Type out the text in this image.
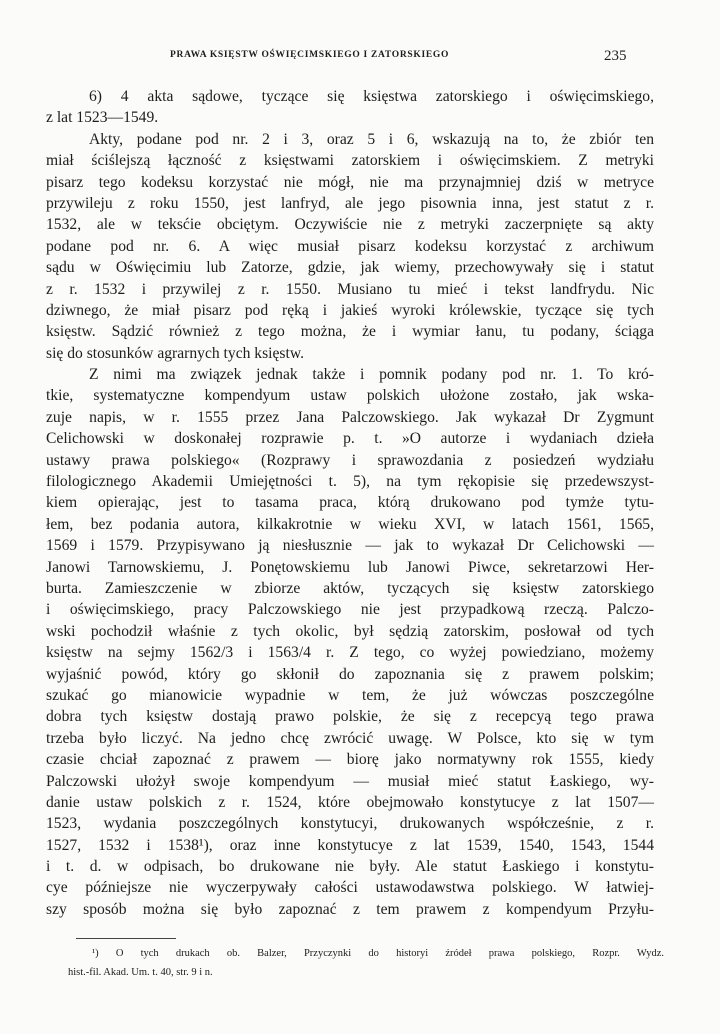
PRAWA KSIĘSTW OŚWIĘCIMSKIEGO I ZATORSKIEGO	235
6) 4 akta sądowe, tyczące się księstwa zatorskiego i oświęcimskiego,
z lat 1523—1549.
Akty, podane pod nr. 2 i 3, oraz 5 i 6, wskazują na to, że zbiór ten
miał ściślejszą łączność z księstwami zatorskiem i oświęcimskiem. Z metryki
pisarz tego kodeksu korzystać nie mógł, nie ma przynajmniej dziś w metryce
przywileju z roku 1550, jest lanfryd, ale jego pisownia inna, jest statut z r.
1532, ale w teksćie obciętym. Oczywiście nie z metryki zaczerpnięte są akty
podane pod nr. 6. A więc musiał pisarz kodeksu korzystać z archiwum
sądu w Oświęcimiu lub Zatorze, gdzie, jak wiemy, przechowywały się i statut
z r. 1532 i przywilej z r. 1550. Musiano tu mieć i tekst landfrydu. Nic
dziwnego, że miał pisarz pod ręką i jakieś wyroki królewskie, tyczące się tych
księstw. Sądzić również z tego można, że i wymiar łanu, tu podany, ściąga
się do stosunków agrarnych tych księstw.
Z nimi ma związek jednak także i pomnik podany pod nr. 1. To kró-
tkie, systematyczne kompendyum ustaw polskich ułożone zostało, jak wska-
zuje napis, w r. 1555 przez Jana Palczowskiego. Jak wykazał Dr Zygmunt
Celichowski w doskonałej rozprawie p. t. »O autorze i wydaniach dzieła
ustawy prawa polskiego« (Rozprawy i sprawozdania z posiedzeń wydziału
filologicznego Akademii Umiejętności t. 5), na tym rękopisie się przedewszyst-
kiem opierając, jest to tasama praca, którą drukowano pod tymże tytu-
łem, bez podania autora, kilkakrotnie w wieku XVI, w latach 1561, 1565,
1569 i 1579. Przypisywano ją niesłusznie — jak to wykazał Dr Celichowski —
Janowi Tarnowskiemu, J. Ponętowskiemu lub Janowi Piwce, sekretarzowi Her-
burta. Zamieszczenie w zbiorze aktów, tyczących się księstw zatorskiego
i oświęcimskiego, pracy Palczowskiego nie jest przypadkową rzeczą. Palczo-
wski pochodził właśnie z tych okolic, był sędzią zatorskim, posłował od tych
księstw na sejmy 1562/3 i 1563/4 r. Z tego, co wyżej powiedziano, możemy
wyjaśnić powód, który go skłonił do zapoznania się z prawem polskim;
szukać go mianowicie wypadnie w tem, że już wówczas poszczególne
dobra tych księstw dostają prawo polskie, że się z recepcyą tego prawa
trzeba było liczyć. Na jedno chcę zwrócić uwagę. W Polsce, kto się w tym
czasie chciał zapoznać z prawem — biorę jako normatywny rok 1555, kiedy
Palczowski ułożył swoje kompendyum — musiał mieć statut Łaskiego, wy-
danie ustaw polskich z r. 1524, które obejmowało konstytucye z lat 1507—
1523, wydania poszczególnych konstytucyi, drukowanych współcześnie, z r.
1527, 1532 i 1538¹), oraz inne konstytucye z lat 1539, 1540, 1543, 1544
i t. d. w odpisach, bo drukowane nie były. Ale statut Łaskiego i konstytu-
cye późniejsze nie wyczerpywały całości ustawodawstwa polskiego. W łatwiej-
szy sposób można się było zapoznać z tem prawem z kompendyum Przyłu-
¹) O tych drukach ob. Balzer, Przyczynki do historyi źródeł prawa polskiego, Rozpr. Wydz.
hist.-fil. Akad. Um. t. 40, str. 9 i n.
